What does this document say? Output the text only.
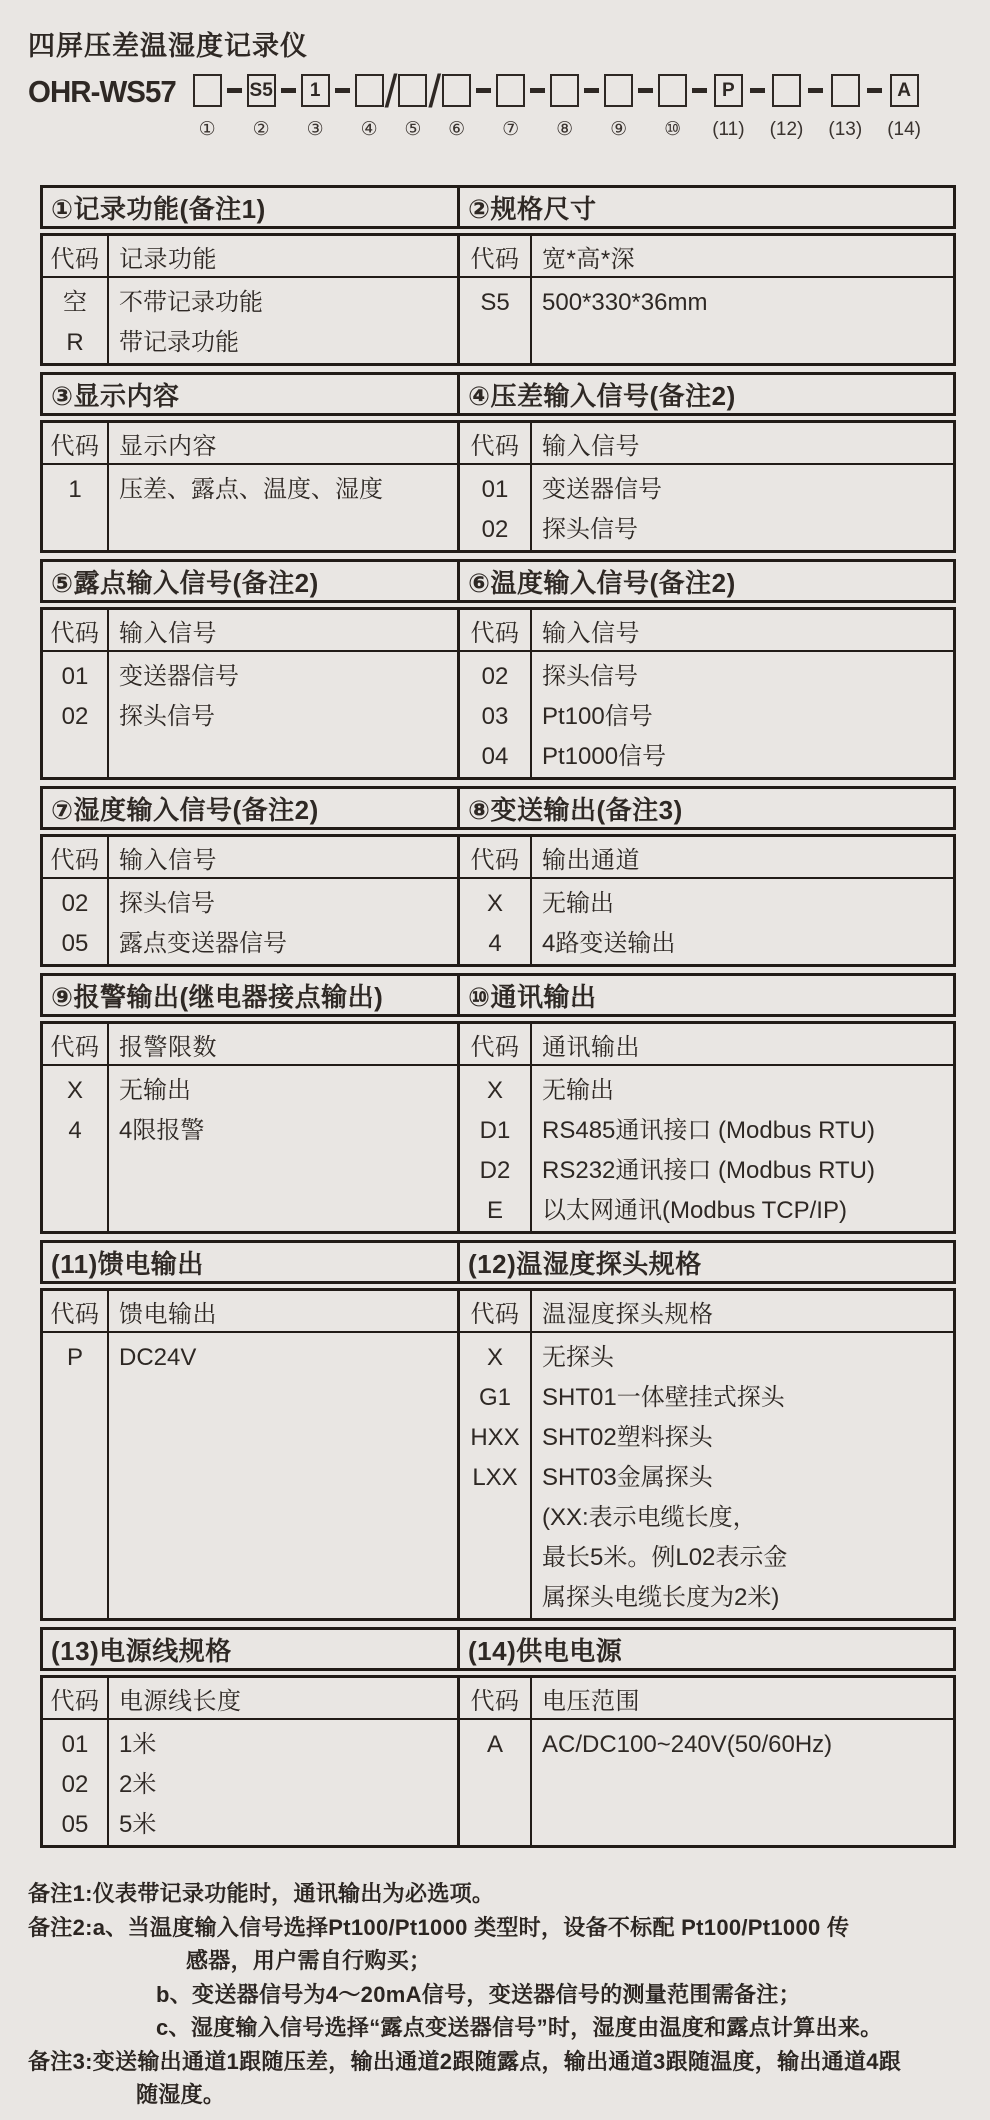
四屏压差温湿度记录仪
OHR-WS57
①
S5
②
1
③ ④
/
⑤
/
⑥ ⑦ ⑧ ⑨ ⑩
P
(11) (12) (13)
A
(14)
①记录功能(备注1)
代码 记录功能
空
R
不带记录功能
带记录功能
②规格尺寸
代码 宽*高*深
S5 500*330*36mm
③显示内容
代码 显示内容
1 压差、露点、温度、湿度
④压差输入信号(备注2)
代码 输入信号
01
02
变送器信号
探头信号
⑤露点输入信号(备注2)
代码 输入信号
01
02
变送器信号
探头信号
⑥温度输入信号(备注2)
代码 输入信号
02
03
04
探头信号
Pt100信号
Pt1000信号
⑦湿度输入信号(备注2)
代码 输入信号
02
05
探头信号
露点变送器信号
⑧变送输出(备注3)
代码 输出通道
X
4
无输出
4路变送输出
⑨报警输出(继电器接点输出)
代码 报警限数
X
4
无输出
4限报警
⑩通讯输出
代码 通讯输出
X
D1
D2
E
无输出
RS485通讯接口 (Modbus RTU)
RS232通讯接口 (Modbus RTU)
以太网通讯(Modbus TCP/IP)
(11)馈电输出
代码 馈电输出
P DC24V
(12)温湿度探头规格
代码 温湿度探头规格
X
G1
HXX
LXX

无探头
SHT01一体壁挂式探头
SHT02塑料探头
SHT03金属探头
(XX:表示电缆长度，
最长5米。例L02表示金
属探头电缆长度为2米)
(13)电源线规格
代码 电源线长度
01
02
05
1米
2米
5米
(14)供电电源
代码 电压范围
A AC/DC100~240V(50/60Hz)
备注1:仪表带记录功能时，通讯输出为必选项。
备注2:a、当温度输入信号选择Pt100/Pt1000 类型时，设备不标配 Pt100/Pt1000 传
感器，用户需自行购买；
b、变送器信号为4～20mA信号，变送器信号的测量范围需备注；
c、湿度输入信号选择“露点变送器信号”时，湿度由温度和露点计算出来。
备注3:变送输出通道1跟随压差，输出通道2跟随露点，输出通道3跟随温度，输出通道4跟
随湿度。
